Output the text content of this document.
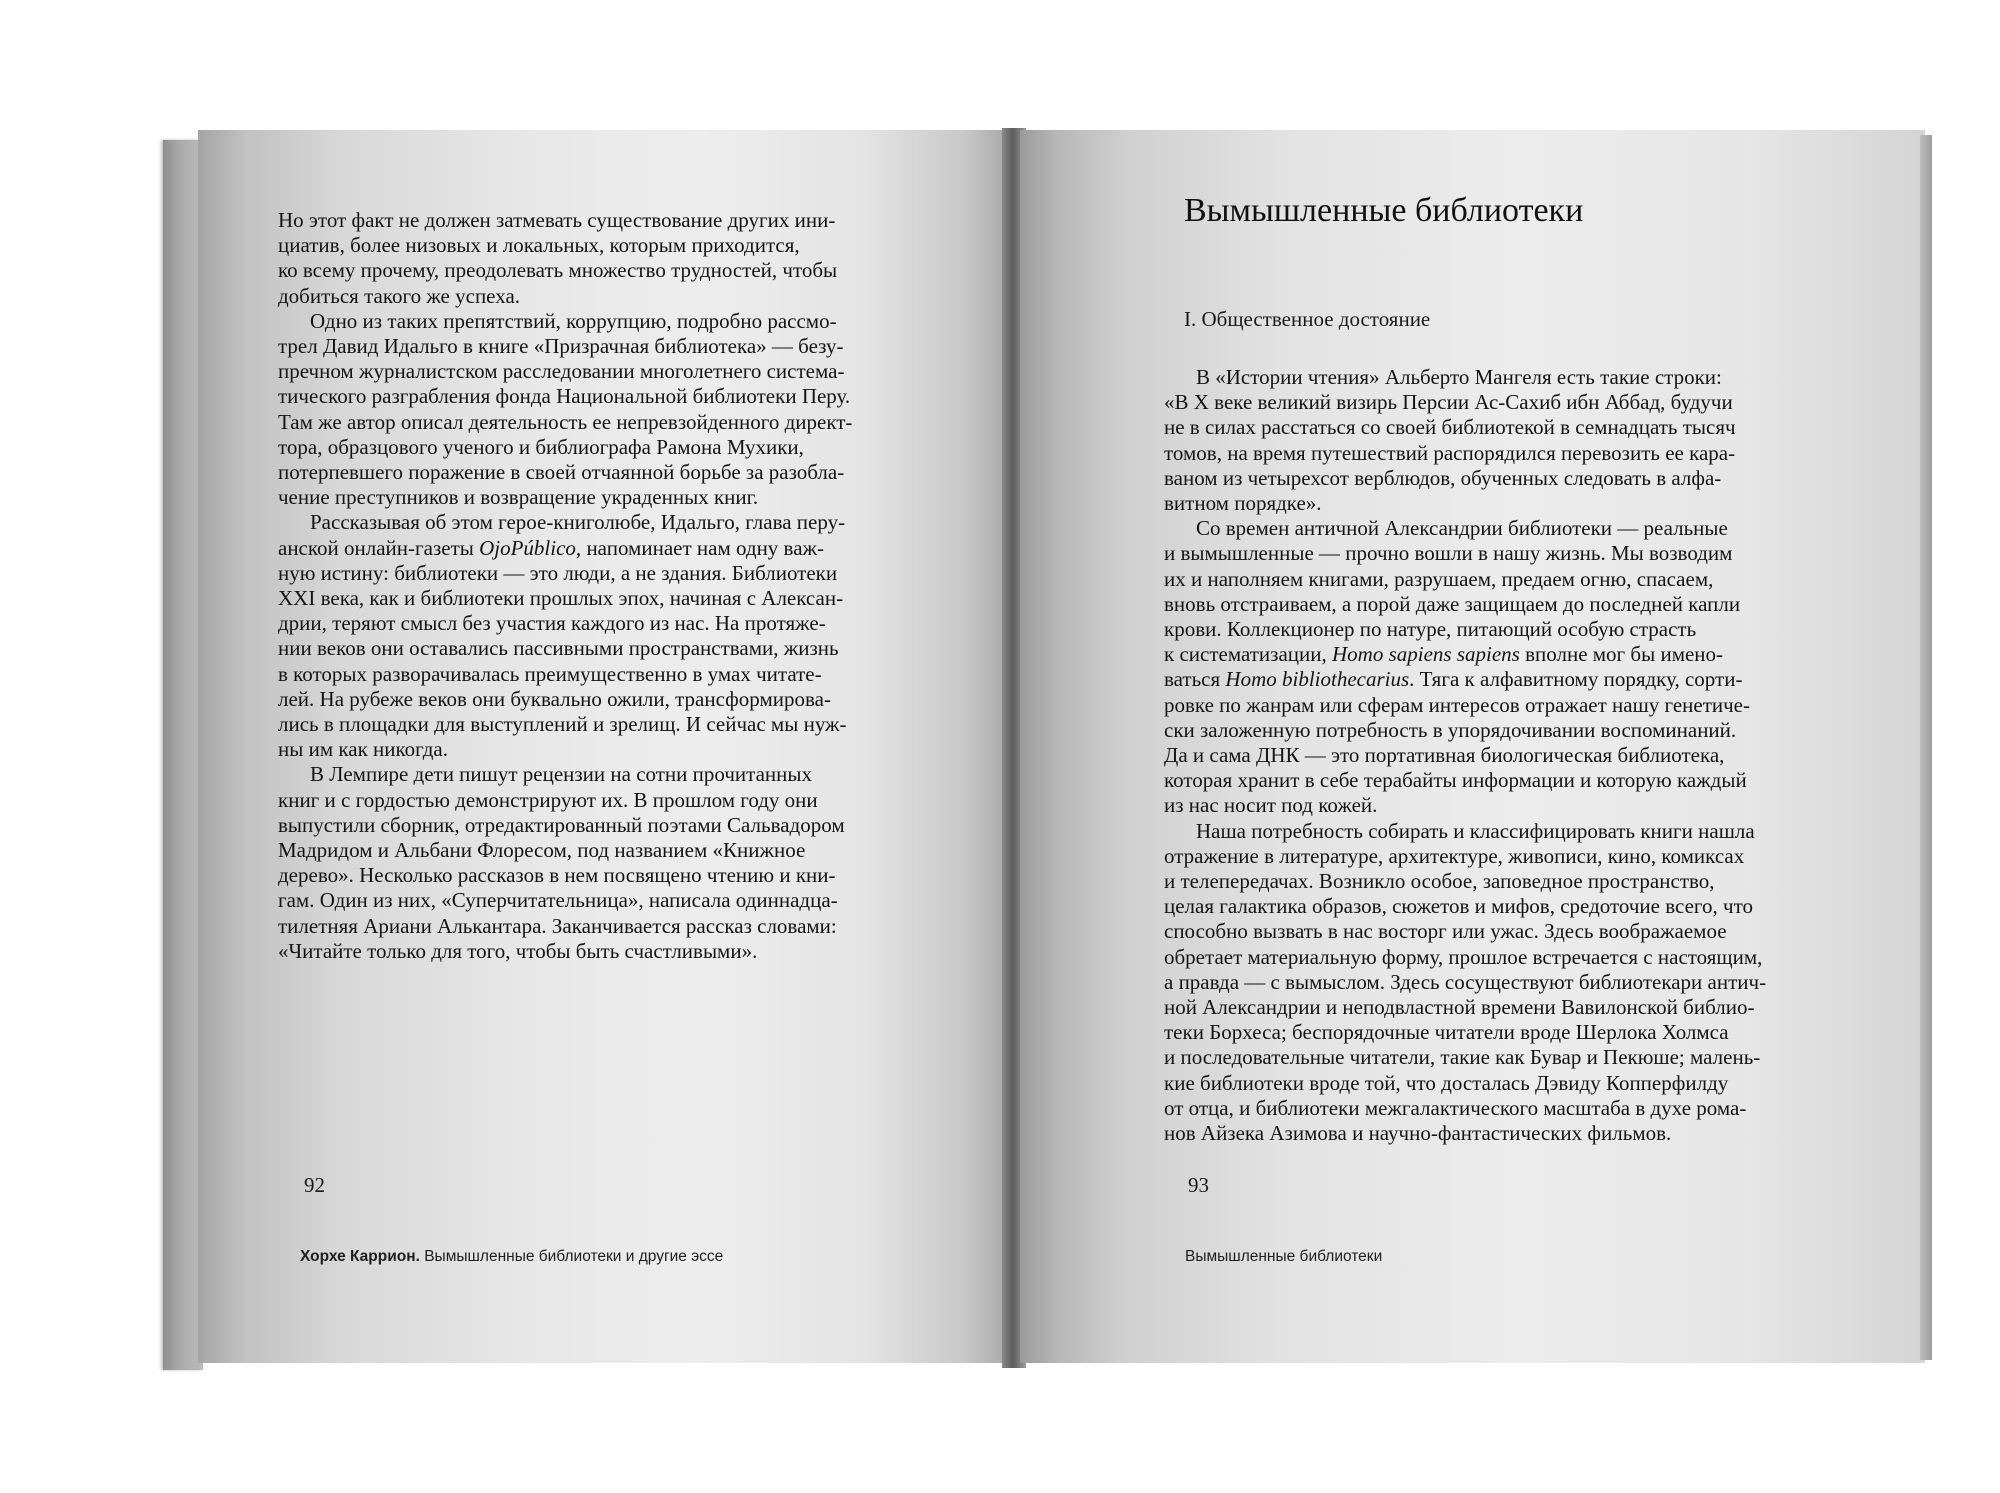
Но этот факт не должен затмевать существование других ини-
циатив, более низовых и локальных, которым приходится,
ко всему прочему, преодолевать множество трудностей, чтобы
добиться такого же успеха.
Одно из таких препятствий, коррупцию, подробно рассмо-
трел Давид Идальго в книге «Призрачная библиотека» — безу-
пречном журналистском расследовании многолетнего система-
тического разграбления фонда Национальной библиотеки Перу.
Там же автор описал деятельность ее непревзойденного директ-
тора, образцового ученого и библиографа Рамона Мухики,
потерпевшего поражение в своей отчаянной борьбе за разобла-
чение преступников и возвращение украденных книг.
Рассказывая об этом герое-книголюбе, Идальго, глава перу-
анской онлайн-газеты OjoPúblico, напоминает нам одну важ-
ную истину: библиотеки — это люди, а не здания. Библиотеки
XXI века, как и библиотеки прошлых эпох, начиная с Алексан-
дрии, теряют смысл без участия каждого из нас. На протяже-
нии веков они оставались пассивными пространствами, жизнь
в которых разворачивалась преимущественно в умах читате-
лей. На рубеже веков они буквально ожили, трансформирова-
лись в площадки для выступлений и зрелищ. И сейчас мы нуж-
ны им как никогда.
В Лемпире дети пишут рецензии на сотни прочитанных
книг и с гордостью демонстрируют их. В прошлом году они
выпустили сборник, отредактированный поэтами Сальвадором
Мадридом и Альбани Флоресом, под названием «Книжное
дерево». Несколько рассказов в нем посвящено чтению и кни-
гам. Один из них, «Суперчитательница», написала одиннадца-
тилетняя Ариани Алькантара. Заканчивается рассказ словами:
«Читайте только для того, чтобы быть счастливыми».
92
Хорхе Каррион. Вымышленные библиотеки и другие эссе
Вымышленные библиотеки
I. Общественное достояние
В «Истории чтения» Альберто Мангеля есть такие строки:
«В X веке великий визирь Персии Ас-Сахиб ибн Аббад, будучи
не в силах расстаться со своей библиотекой в семнадцать тысяч
томов, на время путешествий распорядился перевозить ее кара-
ваном из четырехсот верблюдов, обученных следовать в алфа-
витном порядке».
Со времен античной Александрии библиотеки — реальные
и вымышленные — прочно вошли в нашу жизнь. Мы возводим
их и наполняем книгами, разрушаем, предаем огню, спасаем,
вновь отстраиваем, а порой даже защищаем до последней капли
крови. Коллекционер по натуре, питающий особую страсть
к систематизации, Homo sapiens sapiens вполне мог бы имено-
ваться Homo bibliothecarius. Тяга к алфавитному порядку, сорти-
ровке по жанрам или сферам интересов отражает нашу генетиче-
ски заложенную потребность в упорядочивании воспоминаний.
Да и сама ДНК — это портативная биологическая библиотека,
которая хранит в себе терабайты информации и которую каждый
из нас носит под кожей.
Наша потребность собирать и классифицировать книги нашла
отражение в литературе, архитектуре, живописи, кино, комиксах
и телепередачах. Возникло особое, заповедное пространство,
целая галактика образов, сюжетов и мифов, средоточие всего, что
способно вызвать в нас восторг или ужас. Здесь воображаемое
обретает материальную форму, прошлое встречается с настоящим,
а правда — с вымыслом. Здесь сосуществуют библиотекари антич-
ной Александрии и неподвластной времени Вавилонской библио-
теки Борхеса; беспорядочные читатели вроде Шерлока Холмса
и последовательные читатели, такие как Бувар и Пекюше; малень-
кие библиотеки вроде той, что досталась Дэвиду Копперфилду
от отца, и библиотеки межгалактического масштаба в духе рома-
нов Айзека Азимова и научно-фантастических фильмов.
93
Вымышленные библиотеки
